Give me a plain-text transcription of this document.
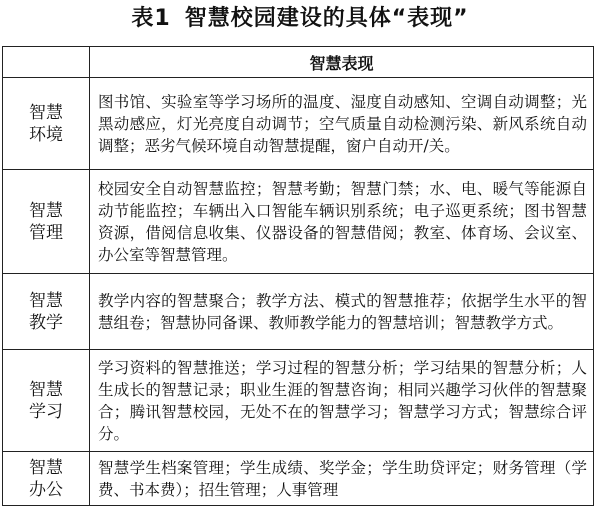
表1 智慧校园建设的具体“表现”
	智慧表现

智慧
环境	图书馆、实验室等学习场所的温度、湿度自动感知、空调自动调整；光黑动感应，灯光亮度自动调节；空气质量自动检测污染、新风系统自动调整；恶劣气候环境自动智慧提醒，窗户自动开/关。

智慧
管理	校园安全自动智慧监控；智慧考勤；智慧门禁；水、电、暖气等能源自动节能监控；车辆出入口智能车辆识别系统；电子巡更系统；图书智慧资源，借阅信息收集、仪器设备的智慧借阅；教室、体育场、会议室、办公室等智慧管理。

智慧
教学	教学内容的智慧聚合；教学方法、模式的智慧推荐；依据学生水平的智慧组卷；智慧协同备课、教师教学能力的智慧培训；智慧教学方式。

智慧
学习	学习资料的智慧推送；学习过程的智慧分析；学习结果的智慧分析；人生成长的智慧记录；职业生涯的智慧咨询；相同兴趣学习伙伴的智慧聚合；腾讯智慧校园，无处不在的智慧学习；智慧学习方式；智慧综合评分。

智慧
办公	智慧学生档案管理；学生成绩、奖学金；学生助贷评定；财务管理（学费、书本费）；招生管理；人事管理
